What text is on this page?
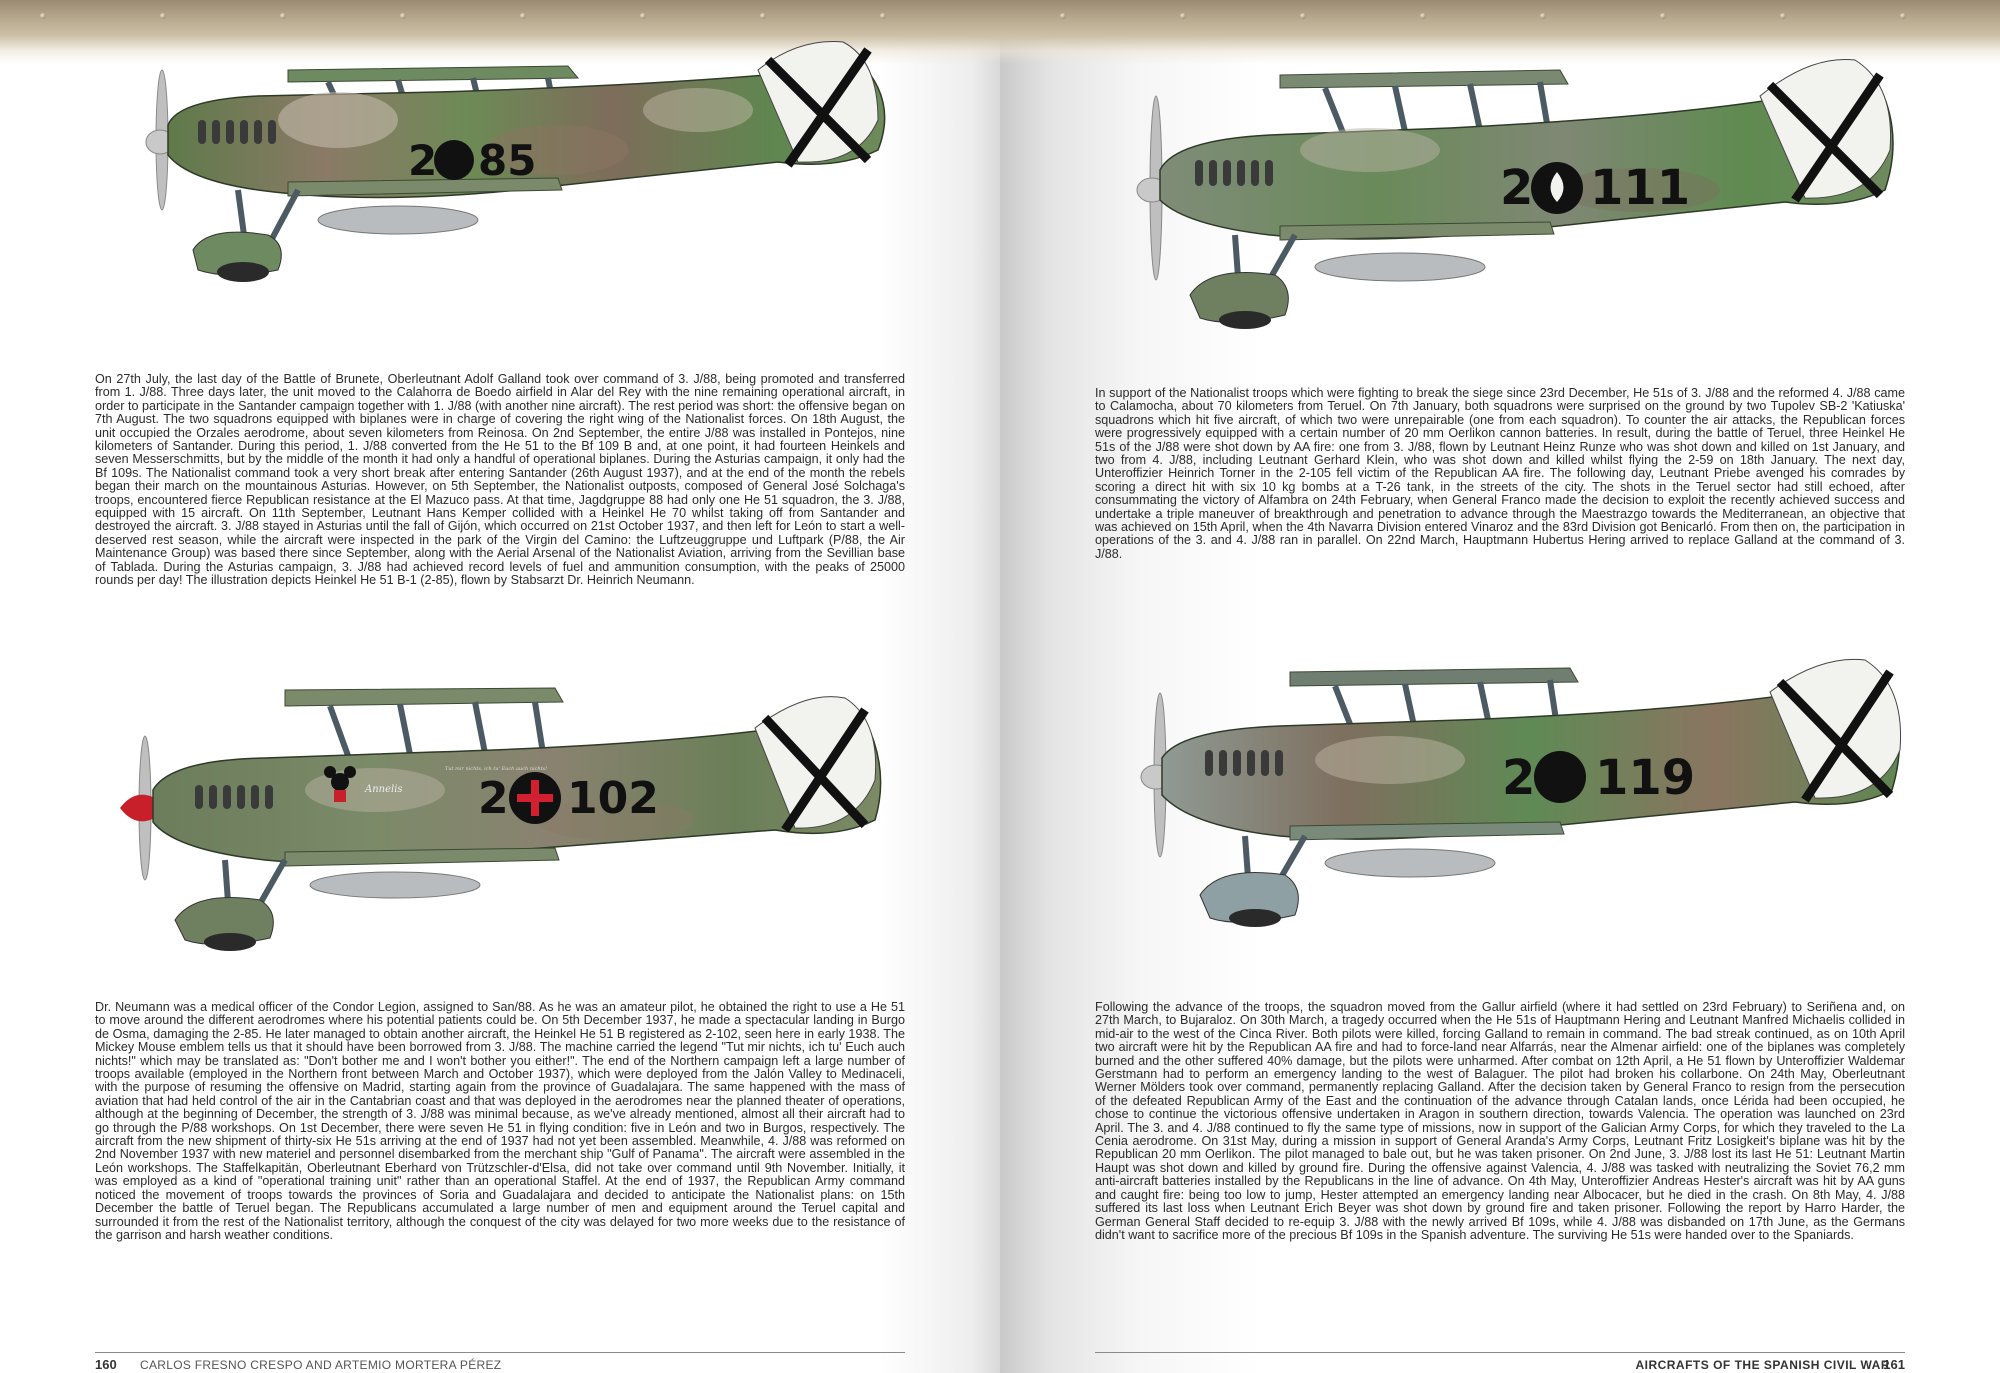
2 85

On 27th July, the last day of the Battle of Brunete, Oberleutnant Adolf Galland took over command of 3. J/88, being promoted and transferred from 1. J/88. Three days later, the unit moved to the Calahorra de Boedo airfield in Alar del Rey with the nine remaining operational aircraft, in order to participate in the Santander campaign together with 1. J/88 (with another nine aircraft). The rest period was short: the offensive began on 7th August. The two squadrons equipped with biplanes were in charge of covering the right wing of the Nationalist forces. On 18th August, the unit occupied the Orzales aerodrome, about seven kilometers from Reinosa. On 2nd September, the entire J/88 was installed in Pontejos, nine kilometers of Santander. During this period, 1. J/88 converted from the He 51 to the Bf 109 B and, at one point, it had fourteen Heinkels and seven Messerschmitts, but by the middle of the month it had only a handful of operational biplanes. During the Asturias campaign, it only had the Bf 109s. The Nationalist command took a very short break after entering Santander (26th August 1937), and at the end of the month the rebels began their march on the mountainous Asturias. However, on 5th September, the Nationalist outposts, composed of General José Solchaga's troops, encountered fierce Republican resistance at the El Mazuco pass. At that time, Jagdgruppe 88 had only one He 51 squadron, the 3. J/88, equipped with 15 aircraft. On 11th September, Leutnant Hans Kemper collided with a Heinkel He 70 whilst taking off from Santander and destroyed the aircraft. 3. J/88 stayed in Asturias until the fall of Gijón, which occurred on 21st October 1937, and then left for León to start a well-deserved rest season, while the aircraft were inspected in the park of the Virgin del Camino: the Luftzeuggruppe und Luftpark (P/88, the Air Maintenance Group) was based there since September, along with the Aerial Arsenal of the Nationalist Aviation, arriving from the Sevillian base of Tablada. During the Asturias campaign, 3. J/88 had achieved record levels of fuel and ammunition consumption, with the peaks of 25000 rounds per day! The illustration depicts Heinkel He 51 B-1 (2-85), flown by Stabsarzt Dr. Heinrich Neumann.

Annelis
Tut mir nichts, ich tu' Euch auch nichts!
2 102

Dr. Neumann was a medical officer of the Condor Legion, assigned to San/88. As he was an amateur pilot, he obtained the right to use a He 51 to move around the different aerodromes where his potential patients could be. On 5th December 1937, he made a spectacular landing in Burgo de Osma, damaging the 2-85. He later managed to obtain another aircraft, the Heinkel He 51 B registered as 2-102, seen here in early 1938. The Mickey Mouse emblem tells us that it should have been borrowed from 3. J/88. The machine carried the legend "Tut mir nichts, ich tu' Euch auch nichts!" which may be translated as: "Don't bother me and I won't bother you either!". The end of the Northern campaign left a large number of troops available (employed in the Northern front between March and October 1937), which were deployed from the Jalón Valley to Medinaceli, with the purpose of resuming the offensive on Madrid, starting again from the province of Guadalajara. The same happened with the mass of aviation that had held control of the air in the Cantabrian coast and that was deployed in the aerodromes near the planned theater of operations, although at the beginning of December, the strength of 3. J/88 was minimal because, as we've already mentioned, almost all their aircraft had to go through the P/88 workshops. On 1st December, there were seven He 51 in flying condition: five in León and two in Burgos, respectively. The aircraft from the new shipment of thirty-six He 51s arriving at the end of 1937 had not yet been assembled. Meanwhile, 4. J/88 was reformed on 2nd November 1937 with new materiel and personnel disembarked from the merchant ship "Gulf of Panama". The aircraft were assembled in the León workshops. The Staffelkapitän, Oberleutnant Eberhard von Trützschler-d'Elsa, did not take over command until 9th November. Initially, it was employed as a kind of "operational training unit" rather than an operational Staffel. At the end of 1937, the Republican Army command noticed the movement of troops towards the provinces of Soria and Guadalajara and decided to anticipate the Nationalist plans: on 15th December the battle of Teruel began. The Republicans accumulated a large number of men and equipment around the Teruel capital and surrounded it from the rest of the Nationalist territory, although the conquest of the city was delayed for two more weeks due to the resistance of the garrison and harsh weather conditions.

160 CARLOS FRESNO CRESPO AND ARTEMIO MORTERA PÉREZ
2 111

In support of the Nationalist troops which were fighting to break the siege since 23rd December, He 51s of 3. J/88 and the reformed 4. J/88 came to Calamocha, about 70 kilometers from Teruel. On 7th January, both squadrons were surprised on the ground by two Tupolev SB-2 'Katiuska' squadrons which hit five aircraft, of which two were unrepairable (one from each squadron). To counter the air attacks, the Republican forces were progressively equipped with a certain number of 20 mm Oerlikon cannon batteries. In result, during the battle of Teruel, three Heinkel He 51s of the J/88 were shot down by AA fire: one from 3. J/88, flown by Leutnant Heinz Runze who was shot down and killed on 1st January, and two from 4. J/88, including Leutnant Gerhard Klein, who was shot down and killed whilst flying the 2-59 on 18th January. The next day, Unteroffizier Heinrich Torner in the 2-105 fell victim of the Republican AA fire. The following day, Leutnant Priebe avenged his comrades by scoring a direct hit with six 10 kg bombs at a T-26 tank, in the streets of the city. The shots in the Teruel sector had still echoed, after consummating the victory of Alfambra on 24th February, when General Franco made the decision to exploit the recently achieved success and undertake a triple maneuver of breakthrough and penetration to advance through the Maestrazgo towards the Mediterranean, an objective that was achieved on 15th April, when the 4th Navarra Division entered Vinaroz and the 83rd Division got Benicarló. From then on, the participation in operations of the 3. and 4. J/88 ran in parallel. On 22nd March, Hauptmann Hubertus Hering arrived to replace Galland at the command of 3. J/88.

2 119

Following the advance of the troops, the squadron moved from the Gallur airfield (where it had settled on 23rd February) to Seriñena and, on 27th March, to Bujaraloz. On 30th March, a tragedy occurred when the He 51s of Hauptmann Hering and Leutnant Manfred Michaelis collided in mid-air to the west of the Cinca River. Both pilots were killed, forcing Galland to remain in command. The bad streak continued, as on 10th April two aircraft were hit by the Republican AA fire and had to force-land near Alfarrás, near the Almenar airfield: one of the biplanes was completely burned and the other suffered 40% damage, but the pilots were unharmed. After combat on 12th April, a He 51 flown by Unteroffizier Waldemar Gerstmann had to perform an emergency landing to the west of Balaguer. The pilot had broken his collarbone. On 24th May, Oberleutnant Werner Mölders took over command, permanently replacing Galland. After the decision taken by General Franco to resign from the persecution of the defeated Republican Army of the East and the continuation of the advance through Catalan lands, once Lérida had been occupied, he chose to continue the victorious offensive undertaken in Aragon in southern direction, towards Valencia. The operation was launched on 23rd April. The 3. and 4. J/88 continued to fly the same type of missions, now in support of the Galician Army Corps, for which they traveled to the La Cenia aerodrome. On 31st May, during a mission in support of General Aranda's Army Corps, Leutnant Fritz Losigkeit's biplane was hit by the Republican 20 mm Oerlikon. The pilot managed to bale out, but he was taken prisoner. On 2nd June, 3. J/88 lost its last He 51: Leutnant Martin Haupt was shot down and killed by ground fire. During the offensive against Valencia, 4. J/88 was tasked with neutralizing the Soviet 76,2 mm anti-aircraft batteries installed by the Republicans in the line of advance. On 4th May, Unteroffizier Andreas Hester's aircraft was hit by AA guns and caught fire: being too low to jump, Hester attempted an emergency landing near Albocacer, but he died in the crash. On 8th May, 4. J/88 suffered its last loss when Leutnant Erich Beyer was shot down by ground fire and taken prisoner. Following the report by Harro Harder, the German General Staff decided to re-equip 3. J/88 with the newly arrived Bf 109s, while 4. J/88 was disbanded on 17th June, as the Germans didn't want to sacrifice more of the precious Bf 109s in the Spanish adventure. The surviving He 51s were handed over to the Spaniards.

AIRCRAFTS OF THE SPANISH CIVIL WAR
161
